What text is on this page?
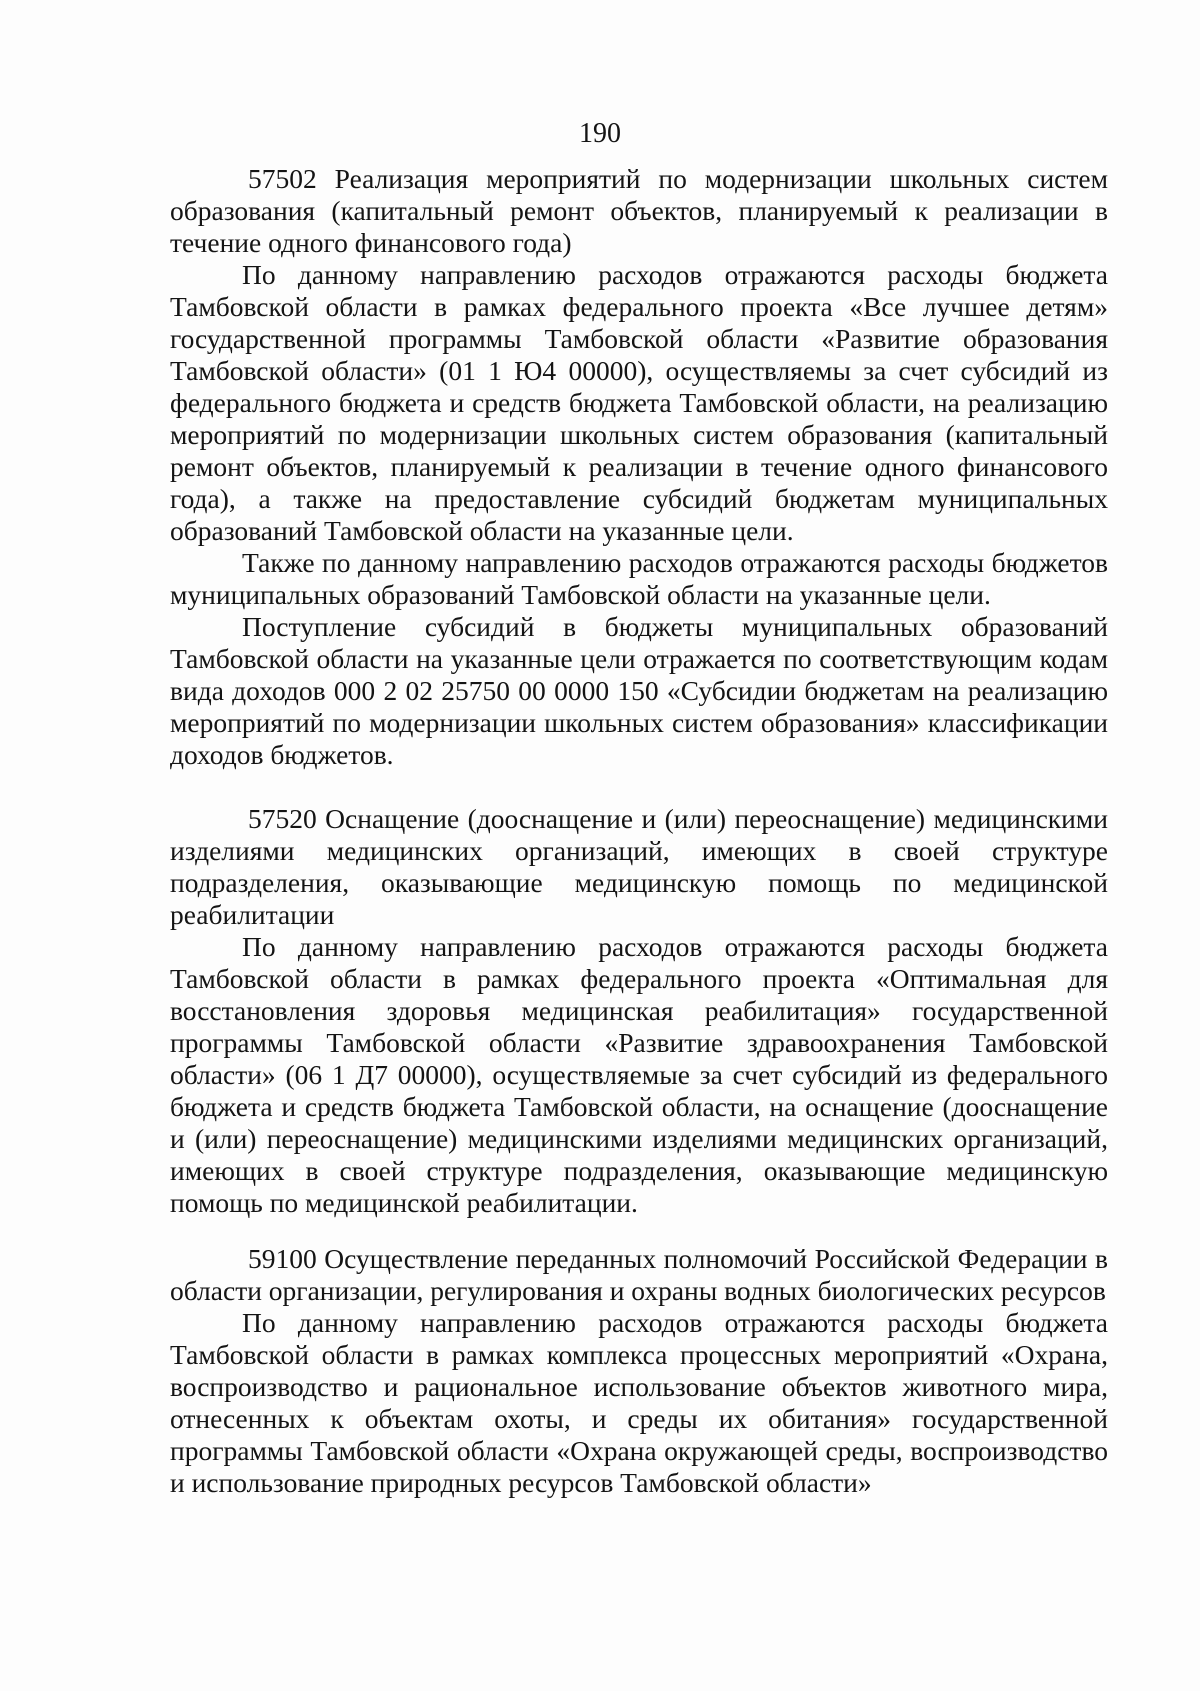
190

57502 Реализация мероприятий по модернизации школьных систем образования (капитальный ремонт объектов, планируемый к реализации в течение одного финансового года)

По данному направлению расходов отражаются расходы бюджета Тамбовской области в рамках федерального проекта «Все лучшее детям» государственной программы Тамбовской области «Развитие образования Тамбовской области» (01 1 Ю4 00000), осуществляемы за счет субсидий из федерального бюджета и средств бюджета Тамбовской области, на реализацию мероприятий по модернизации школьных систем образования (капитальный ремонт объектов, планируемый к реализации в течение одного финансового года), а также на предоставление субсидий бюджетам муниципальных образований Тамбовской области на указанные цели.

Также по данному направлению расходов отражаются расходы бюджетов муниципальных образований Тамбовской области на указанные цели.

Поступление субсидий в бюджеты муниципальных образований Тамбовской области на указанные цели отражается по соответствующим кодам вида доходов 000 2 02 25750 00 0000 150 «Субсидии бюджетам на реализацию мероприятий по модернизации школьных систем образования» классификации доходов бюджетов.

57520 Оснащение (дооснащение и (или) переоснащение) медицинскими изделиями медицинских организаций, имеющих в своей структуре подразделения, оказывающие медицинскую помощь по медицинской реабилитации

По данному направлению расходов отражаются расходы бюджета Тамбовской области в рамках федерального проекта «Оптимальная для восстановления здоровья медицинская реабилитация» государственной программы Тамбовской области «Развитие здравоохранения Тамбовской области» (06 1 Д7 00000), осуществляемые за счет субсидий из федерального бюджета и средств бюджета Тамбовской области, на оснащение (дооснащение и (или) переоснащение) медицинскими изделиями медицинских организаций, имеющих в своей структуре подразделения, оказывающие медицинскую помощь по медицинской реабилитации.

59100 Осуществление переданных полномочий Российской Федерации в области организации, регулирования и охраны водных биологических ресурсов

По данному направлению расходов отражаются расходы бюджета Тамбовской области в рамках комплекса процессных мероприятий «Охрана, воспроизводство и рациональное использование объектов животного мира, отнесенных к объектам охоты, и среды их обитания» государственной программы Тамбовской области «Охрана окружающей среды, воспроизводство и использование природных ресурсов Тамбовской области»
